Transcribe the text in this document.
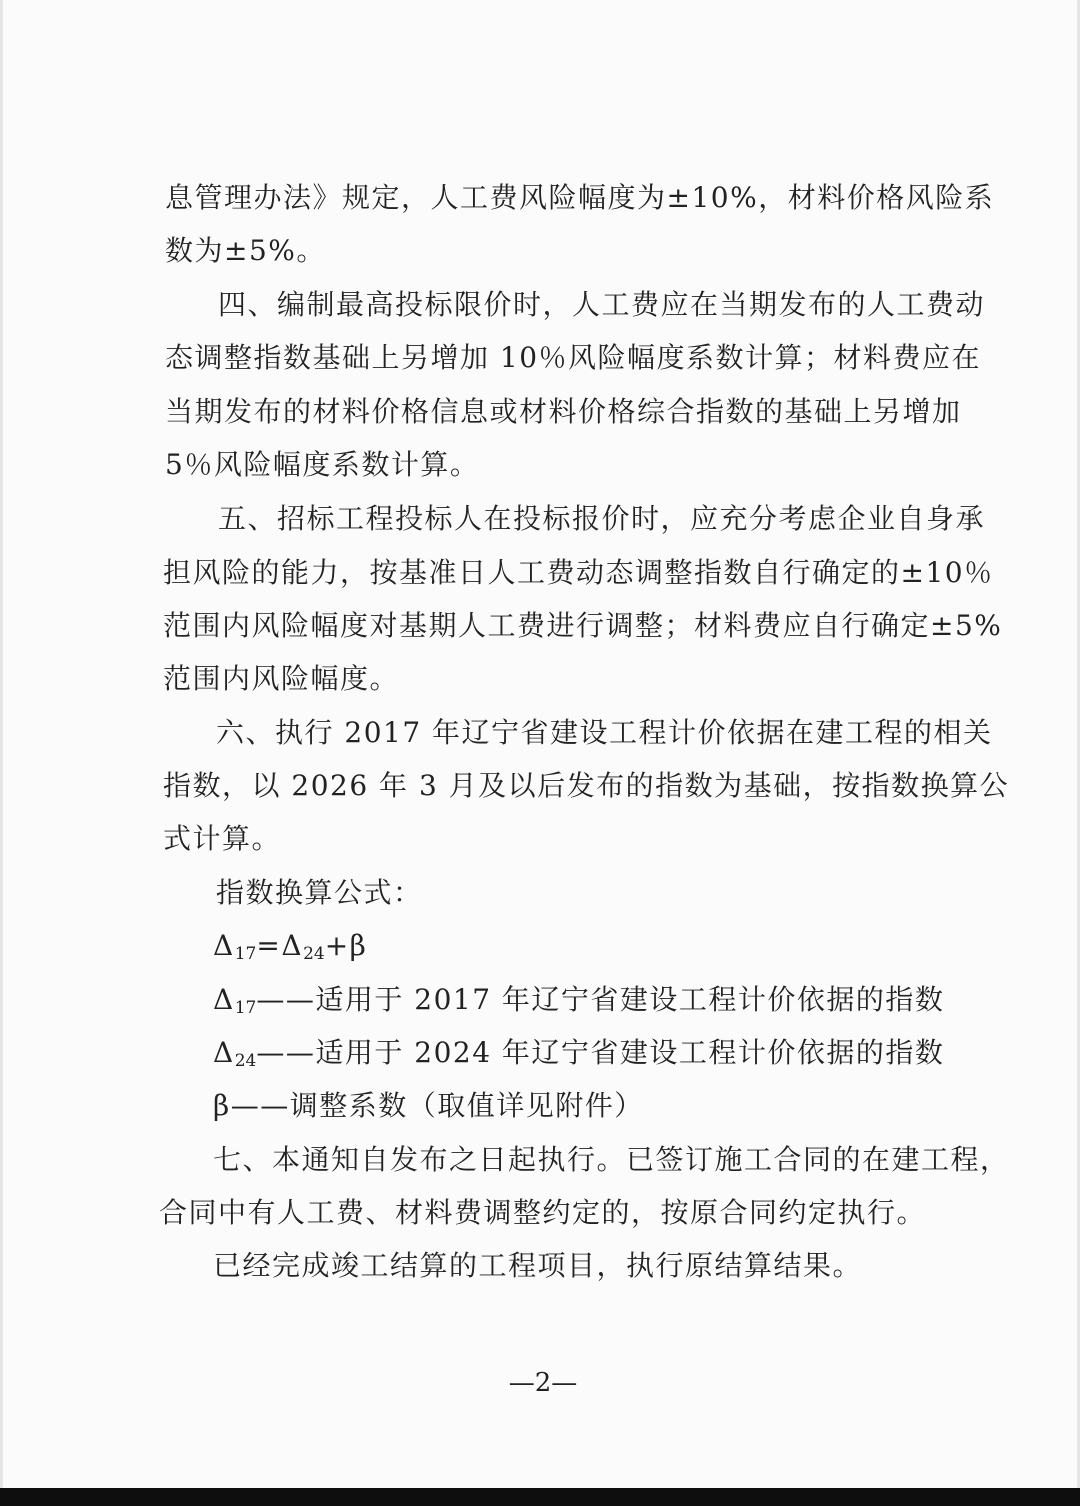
息管理办法》规定，人工费风险幅度为±10%，材料价格风险系
数为±5%。
四、编制最高投标限价时，人工费应在当期发布的人工费动
态调整指数基础上另增加 10％风险幅度系数计算；材料费应在
当期发布的材料价格信息或材料价格综合指数的基础上另增加
5％风险幅度系数计算。
五、招标工程投标人在投标报价时，应充分考虑企业自身承
担风险的能力，按基准日人工费动态调整指数自行确定的±10％
范围内风险幅度对基期人工费进行调整；材料费应自行确定±5%
范围内风险幅度。
六、执行 2017 年辽宁省建设工程计价依据在建工程的相关
指数，以 2026 年 3 月及以后发布的指数为基础，按指数换算公
式计算。
指数换算公式：
$\Delta_{17}=\Delta_{24}+\beta$
$\Delta_{17}——$适用于 2017 年辽宁省建设工程计价依据的指数
$\Delta_{24}——$适用于 2024 年辽宁省建设工程计价依据的指数
β——调整系数（取值详见附件）
七、本通知自发布之日起执行。已签订施工合同的在建工程，
合同中有人工费、材料费调整约定的，按原合同约定执行。
已经完成竣工结算的工程项目，执行原结算结果。
—2—
